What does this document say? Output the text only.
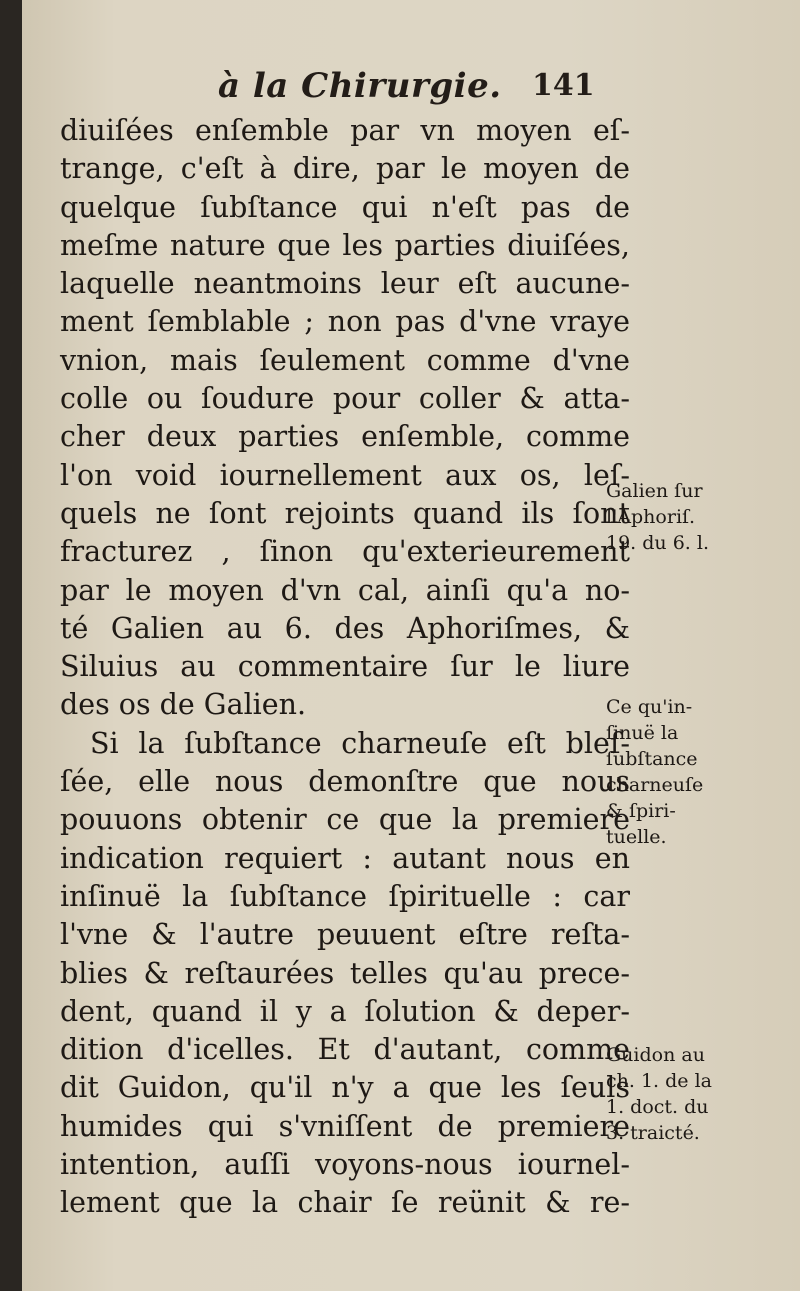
à la Chirurgie. 141
diuiſées enſemble par vn moyen eſ-
trange, c'eſt à dire, par le moyen de
quelque ſubſtance qui n'eſt pas de
meſme nature que les parties diuiſées,
laquelle neantmoins leur eſt aucune-
ment ſemblable ; non pas d'vne vraye
vnion, mais ſeulement comme d'vne
colle ou ſoudure pour coller & atta-
cher deux parties enſemble, comme
l'on void iournellement aux os, leſ-
quels ne ſont rejoints quand ils ſont
fracturez , ſinon qu'exterieurement
par le moyen d'vn cal, ainſi qu'a no-
té Galien au 6. des Aphoriſmes, &
Siluius au commentaire ſur le liure
des os de Galien.
Si la ſubſtance charneuſe eſt bleſ-
ſée, elle nous demonſtre que nous
pouuons obtenir ce que la premiere
indication requiert : autant nous en
inſinuë la ſubſtance ſpirituelle : car
l'vne & l'autre peuuent eſtre reſta-
blies & reſtaurées telles qu'au prece-
dent, quand il y a ſolution & deper-
dition d'icelles. Et d'autant, comme
dit Guidon, qu'il n'y a que les ſeuls
humides qui s'vniſſent de premiere
intention, auſſi voyons-nous iournel-
lement que la chair ſe reünit & re-
Galien ſur
l'Aphoriſ.
19. du 6. l.
Ce qu'in-
ſinuë la
ſubſtance
charneuſe
& ſpiri-
tuelle.
Guidon au
ch. 1. de la
1. doct. du
3. traicté.
